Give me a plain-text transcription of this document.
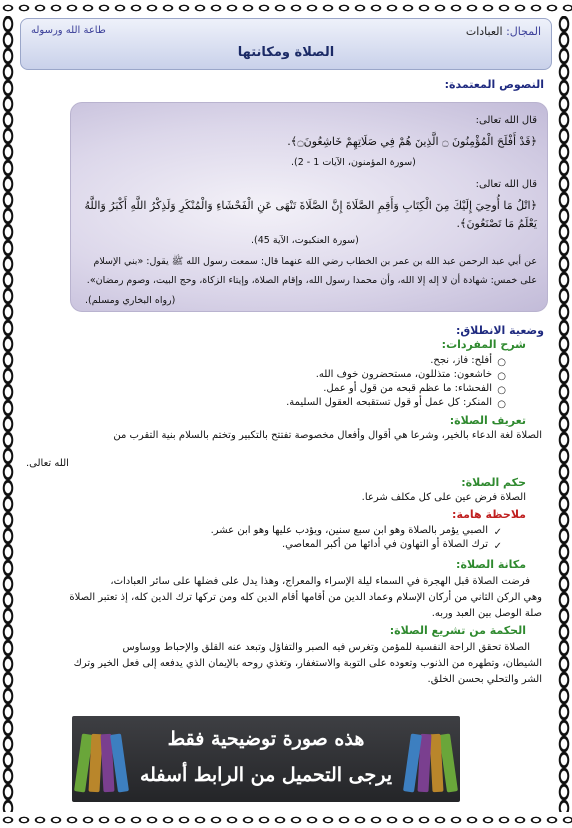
المجال: العبادات
طاعة الله ورسوله
الصلاة ومكانتها
النصوص المعتمدة:
قال الله تعالى:
﴿قَدْ أَفْلَحَ الْمُؤْمِنُونَ ۝ الَّذِينَ هُمْ فِي صَلَاتِهِمْ خَاشِعُونَ۝﴾.
(سورة المؤمنون، الآيات 1 - 2).
قال الله تعالى:
﴿اتْلُ مَا أُوحِيَ إِلَيْكَ مِنَ الْكِتَابِ وَأَقِمِ الصَّلَاةَ إِنَّ الصَّلَاةَ تَنْهَى عَنِ الْفَحْشَاءِ وَالْمُنْكَرِ وَلَذِكْرُ اللَّهِ أَكْبَرُ وَاللَّهُ يَعْلَمُ مَا تَصْنَعُونَ﴾.
(سورة العنكبوت، الآية 45).
عن أبي عبد الرحمن عبد الله بن عمر بن الخطاب رضي الله عنهما قال: سمعت رسول الله ﷺ يقول: «بني الإسلام
على خمس: شهادة أن لا إله إلا الله، وأن محمدا رسول الله، وإقام الصلاة، وإيتاء الزكاة، وحج البيت، وصوم رمضان».
(رواه البخاري ومسلم).
وضعية الانطلاق:
شرح المفردات:
○
أفلح: فاز، نجح.
○
خاشعون: متذللون، مستحضرون خوف الله.
○
الفحشاء: ما عظم قبحه من قول أو عمل.
○
المنكر: كل عمل أو قول تستقبحه العقول السليمة.
تعريف الصلاة:
الصلاة لغة الدعاء بالخير، وشرعا هي أقوال وأفعال مخصوصة تفتتح بالتكبير وتختم بالسلام بنية التقرب من
الله تعالى.
حكم الصلاة:
الصلاة فرض عين على كل مكلف شرعا.
ملاحظة هامة:
✓
الصبي يؤمر بالصلاة وهو ابن سبع سنين، ويؤدب عليها وهو ابن عشر.
✓
ترك الصلاة أو التهاون في أدائها من أكبر المعاصي.
مكانة الصلاة:
فرضت الصلاة قبل الهجرة في السماء ليلة الإسراء والمعراج، وهذا يدل على فضلها على سائر العبادات،
وهي الركن الثاني من أركان الإسلام وعماد الدين من أقامها أقام الدين كله ومن تركها ترك الدين كله، إذ تعتبر الصلاة
صلة الوصل بين العبد وربه.
الحكمة من تشريع الصلاة:
الصلاة تحقق الراحة النفسية للمؤمن وتغرس فيه الصبر والتفاؤل وتبعد عنه القلق والإحباط ووساوس
الشيطان، وتطهره من الذنوب وتعوده على التوبة والاستغفار، وتغذي روحه بالإيمان الذي يدفعه إلى فعل الخير وترك
الشر والتحلي بحسن الخلق.
هذه صورة توضيحية فقط
يرجى التحميل من الرابط أسفله
